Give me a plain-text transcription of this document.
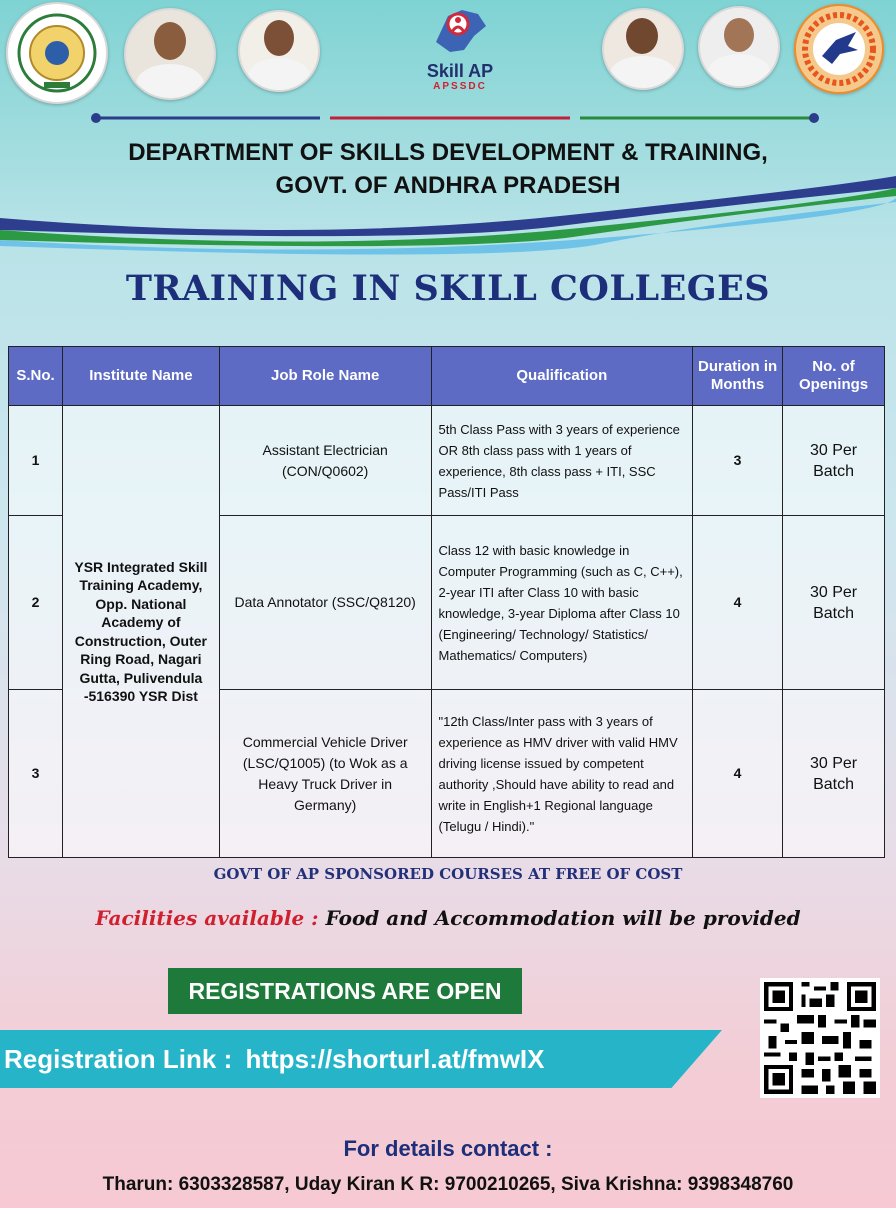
Skill AP
APSSDC
DEPARTMENT OF SKILLS DEVELOPMENT & TRAINING,
GOVT. OF ANDHRA PRADESH
TRAINING IN SKILL COLLEGES
S.No.	Institute Name	Job Role Name	Qualification	Duration in Months	No. of Openings
1	YSR Integrated Skill Training Academy, Opp. National Academy of Construction, Outer Ring Road, Nagari Gutta, Pulivendula -516390 YSR Dist	Assistant Electrician (CON/Q0602)	5th Class Pass with 3 years of experience OR 8th class pass with 1 years of experience, 8th class pass + ITI, SSC Pass/ITI Pass	3	30 Per Batch
2		Data Annotator (SSC/Q8120)	Class 12 with basic knowledge in Computer Programming (such as C, C++), 2-year ITI after Class 10 with basic knowledge, 3-year Diploma after Class 10 (Engineering/ Technology/ Statistics/ Mathematics/ Computers)	4	30 Per Batch
3		Commercial Vehicle Driver (LSC/Q1005) (to Wok as a Heavy Truck Driver in Germany)	"12th Class/Inter pass with 3 years of experience as HMV driver with valid HMV driving license issued by competent authority ,Should have ability to read and write in English+1 Regional language (Telugu / Hindi)."	4	30 Per Batch
GOVT OF AP SPONSORED COURSES AT FREE OF COST
Facilities available : Food and Accommodation will be provided
REGISTRATIONS ARE OPEN
Registration Link : https://shorturl.at/fmwIX
For details contact :
Tharun: 6303328587, Uday Kiran K R: 9700210265, Siva Krishna: 9398348760
